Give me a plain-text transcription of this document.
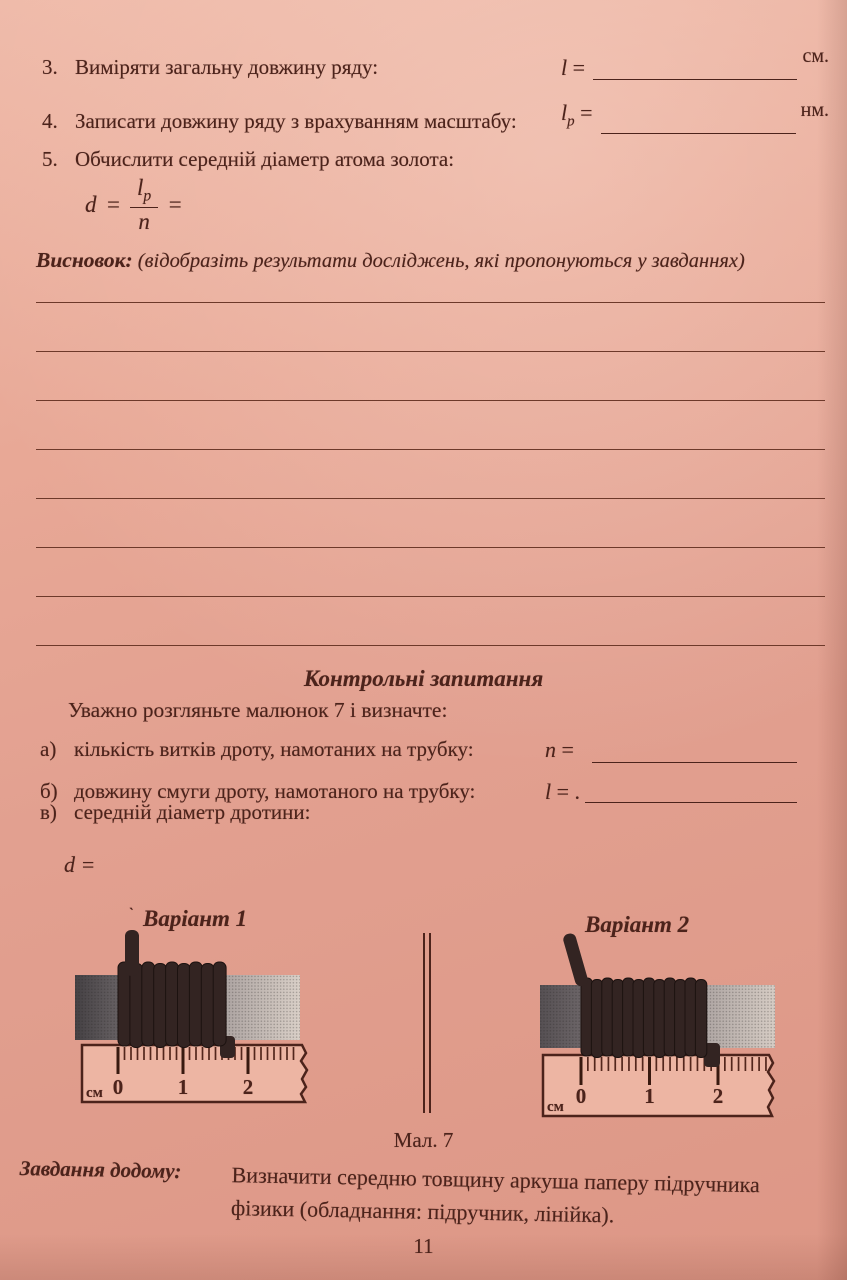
3. Виміряти загальну довжину ряду:	l =	см.
4. Записати довжину ряду з врахуванням масштабу: $l_p$ =	нм.
5. Обчислити середній діаметр атома золота:
$d = \frac{l_p}{n}$ =
Висновок: (відобразіть результати досліджень, які пропонуються у завданнях)
Контрольні запитання
Уважно розгляньте малюнок 7 і визначте:
а) кількість витків дроту, намотаних на трубку:	n =
б) довжину смуги дроту, намотаного на трубку:	l = .
в) середній діаметр дротини:
d =
` Варіант 1	Варіант 2
0	1	2
см	0	1	2
см
Мал. 7
Завдання додому:	Визначити середню товщину аркуша паперу підручника
фізики (обладнання: підручник, лінійка).
11
